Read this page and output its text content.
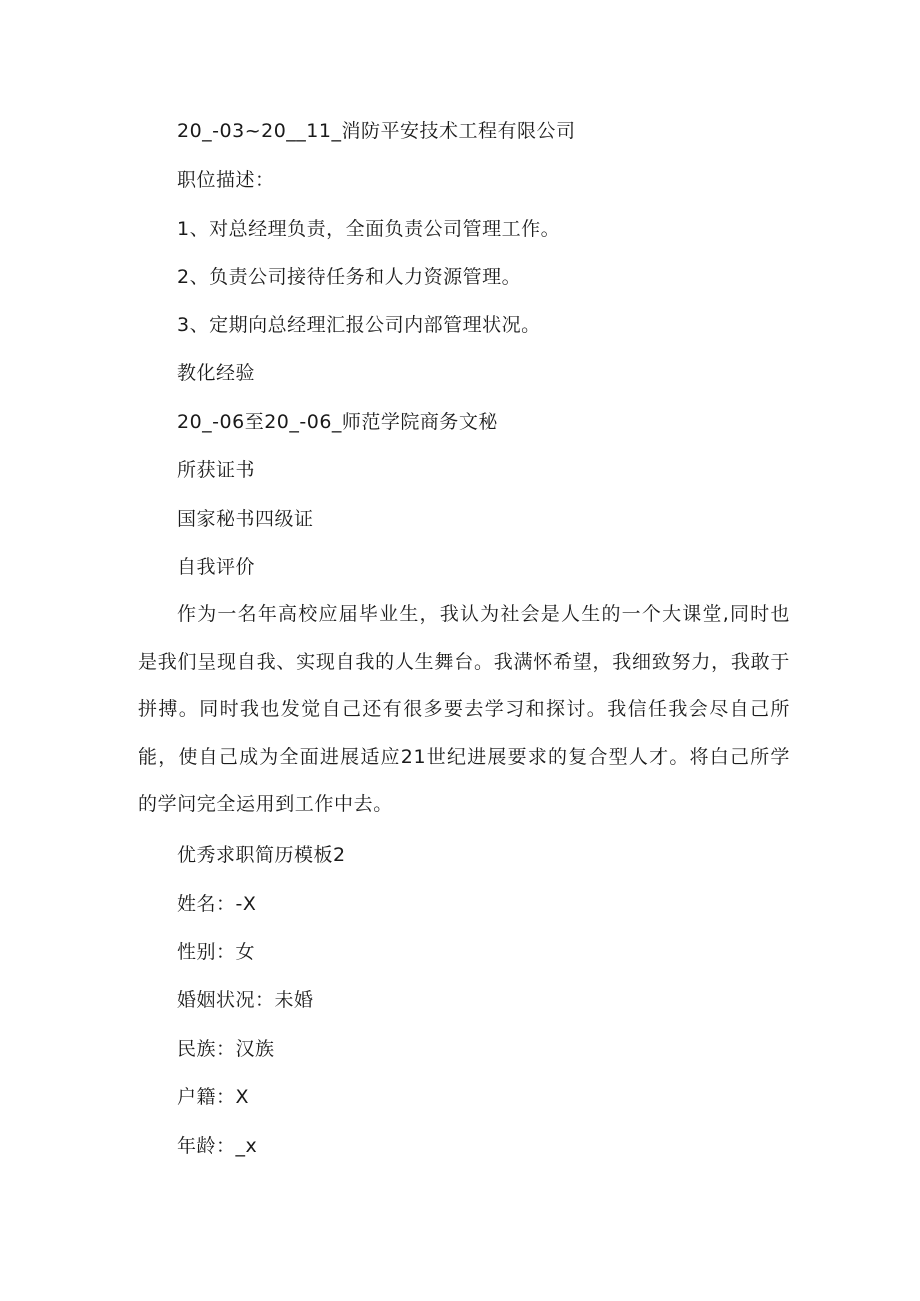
20_-03~20__11_消防平安技术工程有限公司
职位描述：
1、对总经理负责，全面负责公司管理工作。
2、负责公司接待任务和人力资源管理。
3、定期向总经理汇报公司内部管理状况。
教化经验
20_-06至20_-06_师范学院商务文秘
所获证书
国家秘书四级证
自我评价

作为一名年高校应届毕业生，我认为社会是人生的一个大课堂,同时也是我们呈现自我、实现自我的人生舞台。我满怀希望，我细致努力，我敢于拼搏。同时我也发觉自己还有很多要去学习和探讨。我信任我会尽自己所能，使自己成为全面进展适应21世纪进展要求的复合型人才。将白己所学的学问完全运用到工作中去。

优秀求职简历模板2
姓名：-X
性别：女
婚姻状况：未婚
民族：汉族
户籍：X
年龄：_x
